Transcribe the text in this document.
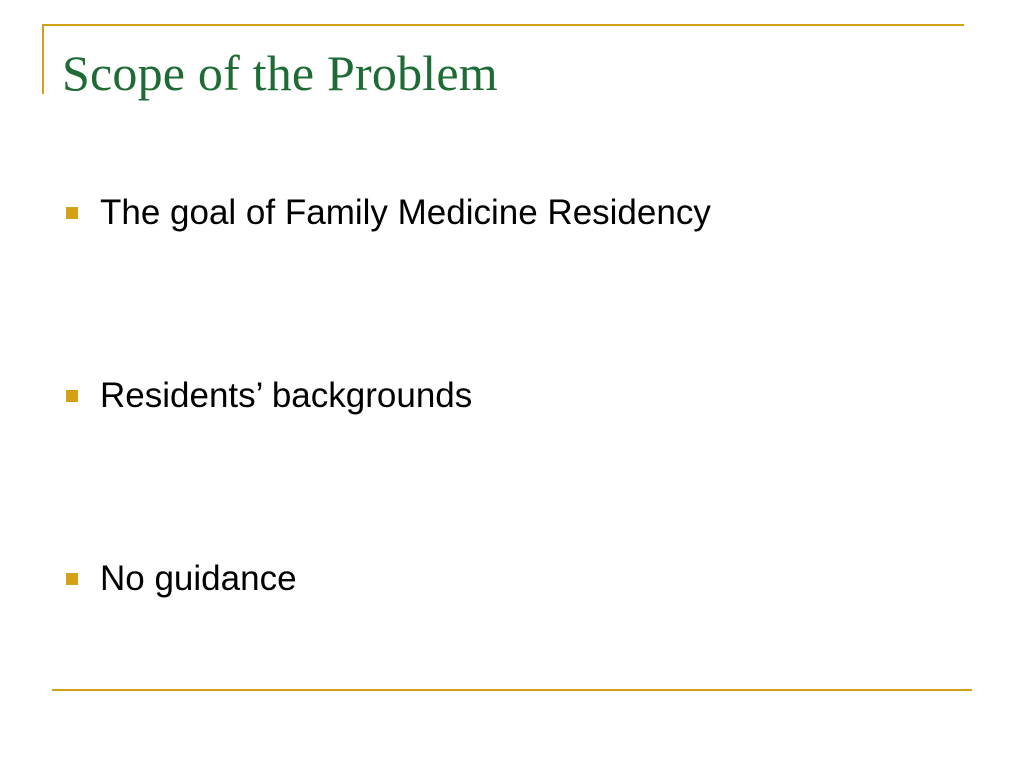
Scope of the Problem
The goal of Family Medicine Residency
Residents’ backgrounds
No guidance
